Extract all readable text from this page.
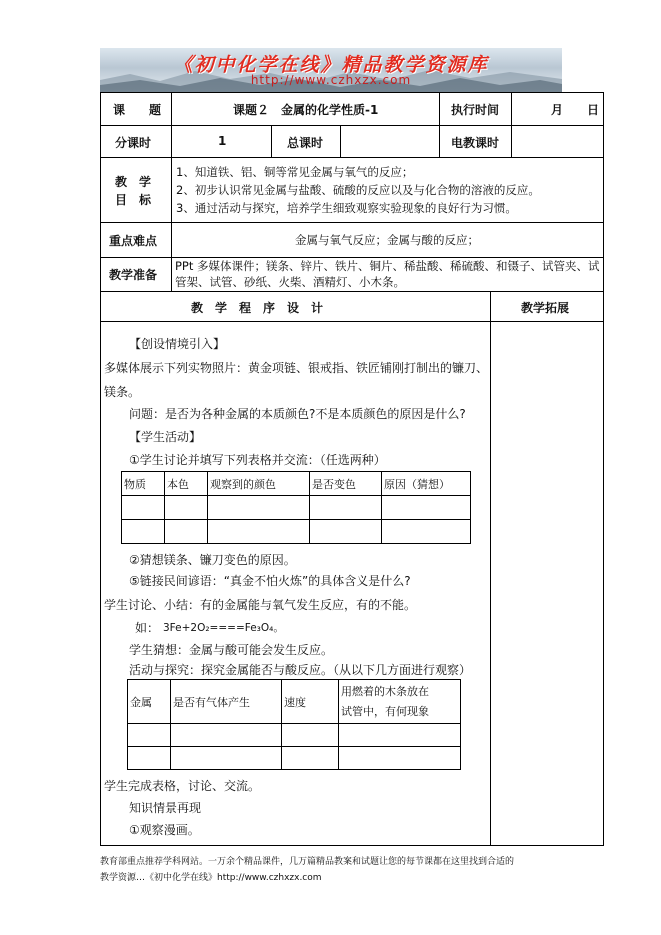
《初中化学在线》精品教学资源库
http://www.czhxzx.com
课　　题	课题２　金属的化学性质-1	执行时间	月　　日
分课时	1	总课时	电教课时
教　学
目　标
1、知道铁、铝、铜等常见金属与氧气的反应；
2、初步认识常见金属与盐酸、硫酸的反应以及与化合物的溶液的反应。
3、通过活动与探究，培养学生细致观察实验现象的良好行为习惯。
重点难点	金属与氧气反应；金属与酸的反应；
教学准备
PPt 多媒体课件；镁条、锌片、铁片、铜片、稀盐酸、稀硫酸、和镊子、试管夹、试
管架、试管、砂纸、火柴、酒精灯、小木条。
教　学　程　序　设　计	教学拓展
【创设情境引入】
多媒体展示下列实物照片：黄金项链、银戒指、铁匠铺刚打制出的镰刀、
镁条。
问题：是否为各种金属的本质颜色?不是本质颜色的原因是什么?
【学生活动】
①学生讨论并填写下列表格并交流：（任选两种）
物质	本色	观察到的颜色	是否变色	原因（猜想）

②猜想镁条、镰刀变色的原因。
⑤链接民间谚语：“真金不怕火炼”的具体含义是什么?
学生讨论、小结：有的金属能与氧气发生反应，有的不能。
如： 3Fe+2O₂====Fe₃O₄。
学生猜想：金属与酸可能会发生反应。
活动与探究：探究金属能否与酸反应。（从以下几方面进行观察）
金属	是否有气体产生	速度	用燃着的木条放在
试管中，有何现象

学生完成表格，讨论、交流。
知识情景再现
①观察漫画。
教育部重点推荐学科网站。一万余个精品课件，几万篇精品教案和试题让您的每节课都在这里找到合适的
教学资源…《初中化学在线》http://www.czhxzx.com
